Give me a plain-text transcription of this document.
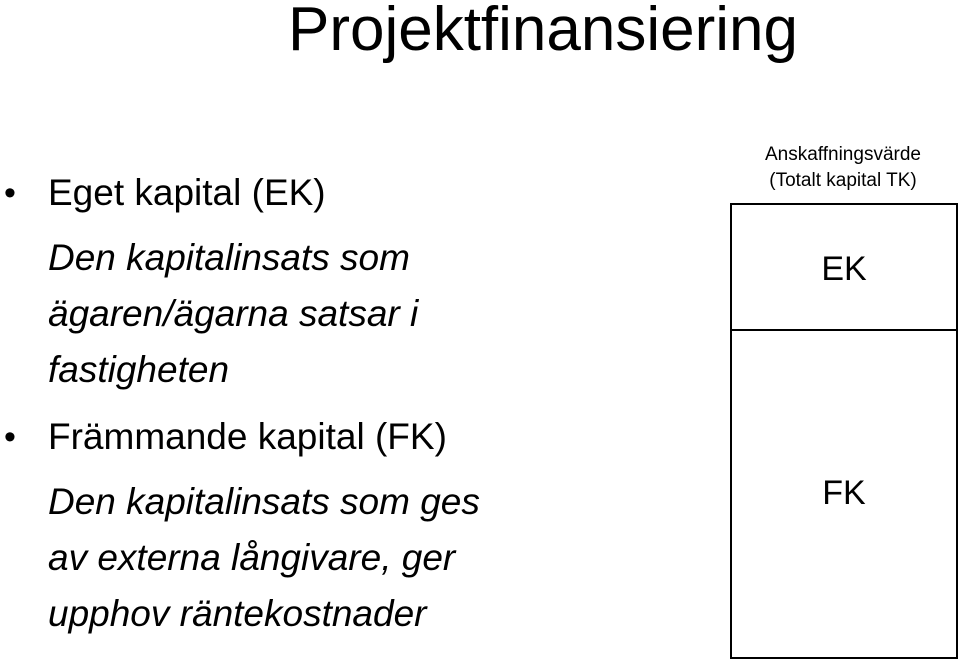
Projektfinansiering
• Eget kapital (EK)
Den kapitalinsats som
ägaren/ägarna satsar i
fastigheten
• Främmande kapital (FK)
Den kapitalinsats som ges
av externa långivare, ger
upphov räntekostnader
Anskaffningsvärde
(Totalt kapital TK)
EK
FK
